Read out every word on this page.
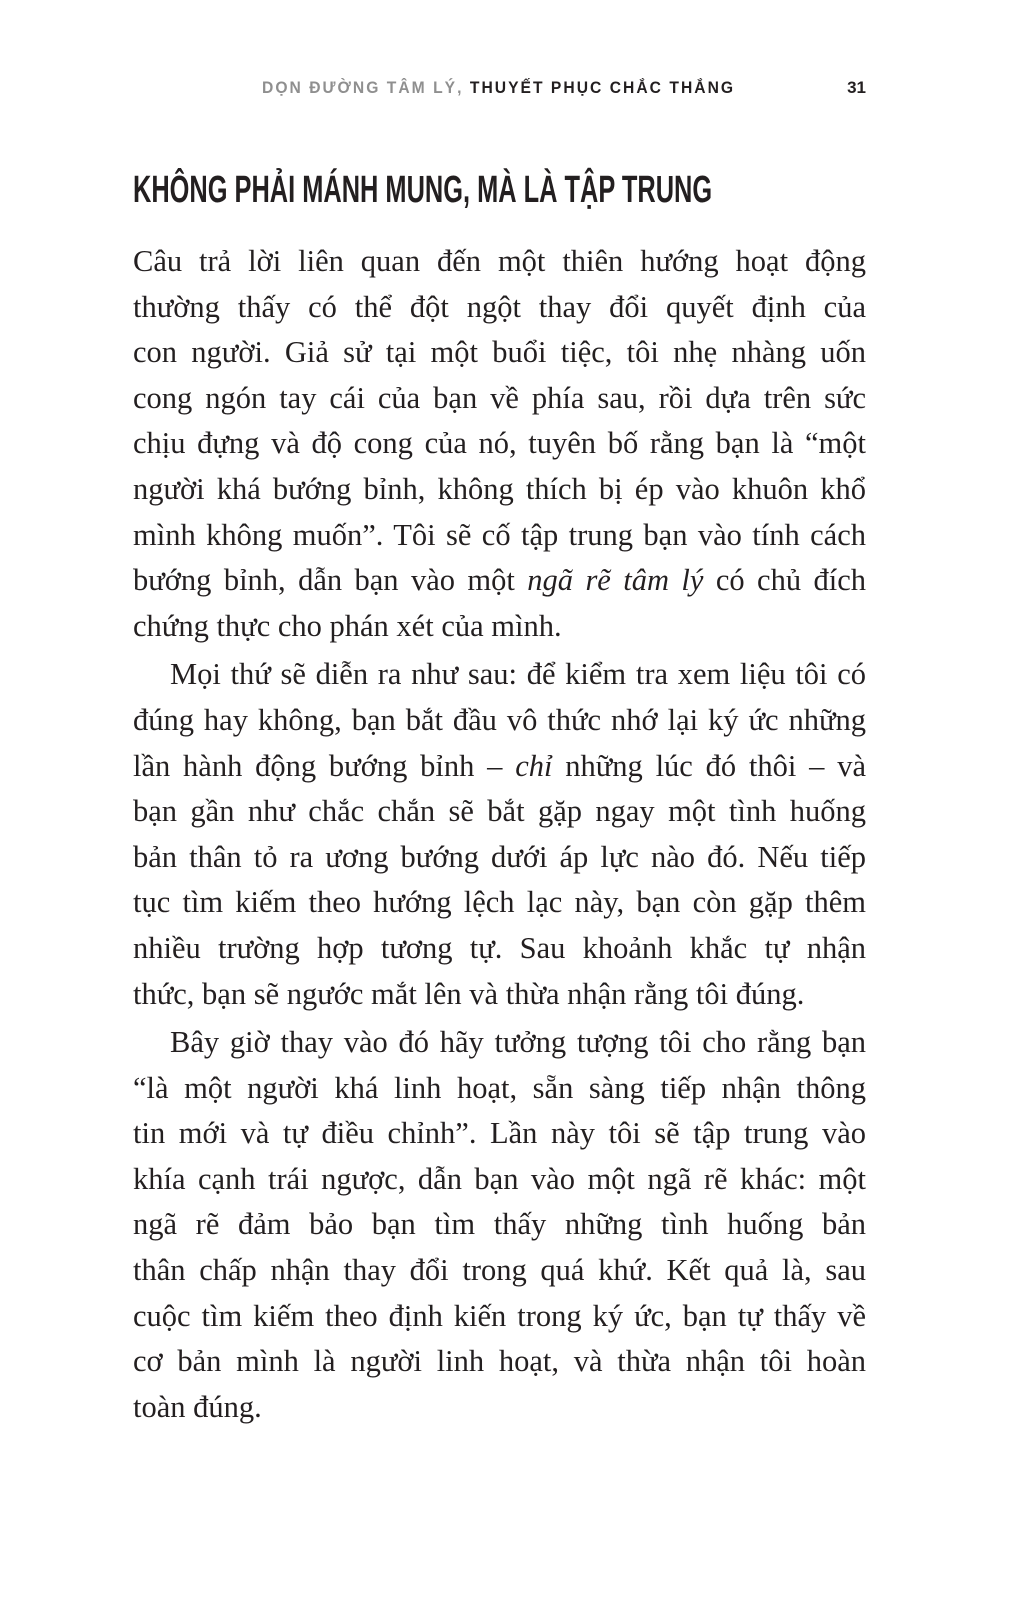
DỌN ĐƯỜNG TÂM LÝ, THUYẾT PHỤC CHẮC THẮNG	31
KHÔNG PHẢI MÁNH MUNG, MÀ LÀ TẬP TRUNG
Câu trả lời liên quan đến một thiên hướng hoạt động
thường thấy có thể đột ngột thay đổi quyết định của
con người. Giả sử tại một buổi tiệc, tôi nhẹ nhàng uốn
cong ngón tay cái của bạn về phía sau, rồi dựa trên sức
chịu đựng và độ cong của nó, tuyên bố rằng bạn là “một
người khá bướng bỉnh, không thích bị ép vào khuôn khổ
mình không muốn”. Tôi sẽ cố tập trung bạn vào tính cách
bướng bỉnh, dẫn bạn vào một ngã rẽ tâm lý có chủ đích
chứng thực cho phán xét của mình.
Mọi thứ sẽ diễn ra như sau: để kiểm tra xem liệu tôi có
đúng hay không, bạn bắt đầu vô thức nhớ lại ký ức những
lần hành động bướng bỉnh – chỉ những lúc đó thôi – và
bạn gần như chắc chắn sẽ bắt gặp ngay một tình huống
bản thân tỏ ra ương bướng dưới áp lực nào đó. Nếu tiếp
tục tìm kiếm theo hướng lệch lạc này, bạn còn gặp thêm
nhiều trường hợp tương tự. Sau khoảnh khắc tự nhận
thức, bạn sẽ ngước mắt lên và thừa nhận rằng tôi đúng.
Bây giờ thay vào đó hãy tưởng tượng tôi cho rằng bạn
“là một người khá linh hoạt, sẵn sàng tiếp nhận thông
tin mới và tự điều chỉnh”. Lần này tôi sẽ tập trung vào
khía cạnh trái ngược, dẫn bạn vào một ngã rẽ khác: một
ngã rẽ đảm bảo bạn tìm thấy những tình huống bản
thân chấp nhận thay đổi trong quá khứ. Kết quả là, sau
cuộc tìm kiếm theo định kiến trong ký ức, bạn tự thấy về
cơ bản mình là người linh hoạt, và thừa nhận tôi hoàn
toàn đúng.
